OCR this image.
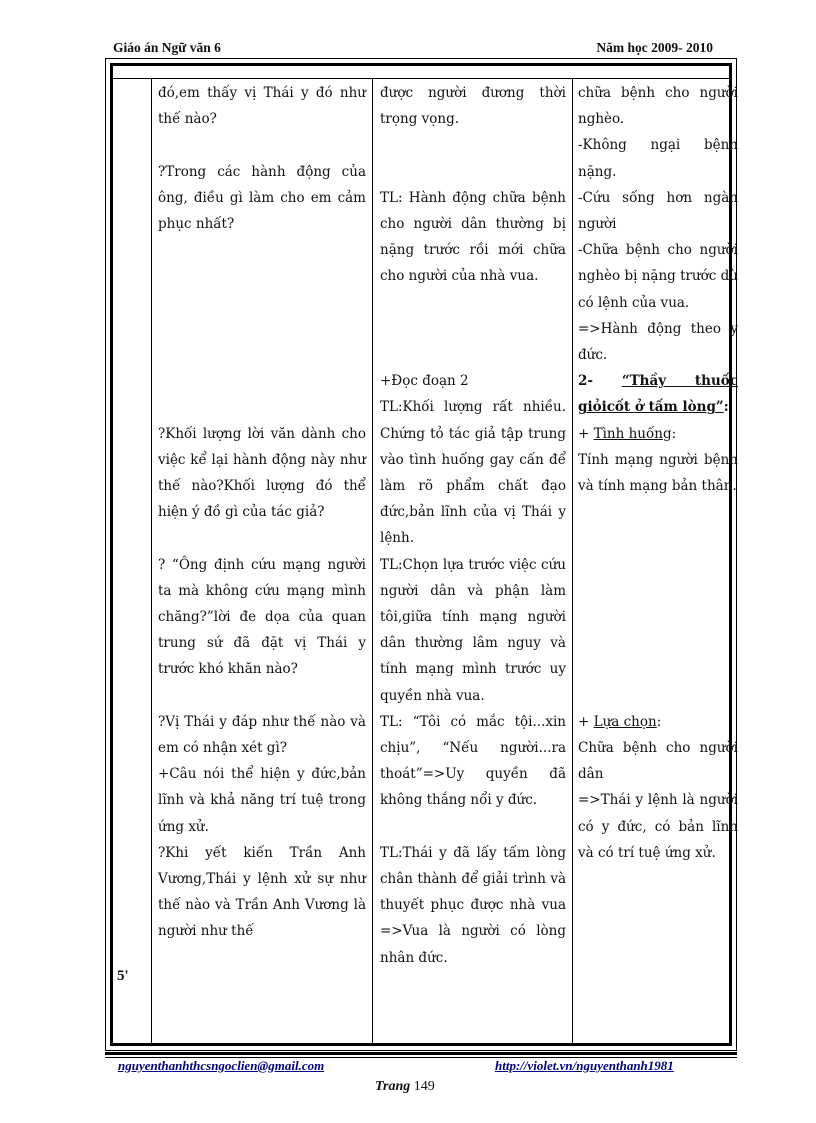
Giáo án Ngữ văn 6	Năm học 2009- 2010

đó,em thấy vị Thái y đó như thế nào?

?Trong các hành động của ông, điều gì làm cho em cảm phục nhất?

?Khối lượng lời văn dành cho việc kể lại hành động này như thế nào?Khối lượng đó thể hiện ý đồ gì của tác giả?

? “Ông định cứu mạng người ta mà không cứu mạng mình chăng?”lời đe dọa của quan trung sứ đã đặt vị Thái y trước khó khăn nào?

?Vị Thái y đáp như thế nào và em có nhận xét gì?

+Câu nói thể hiện y đức,bản lĩnh và khả năng trí tuệ trong ứng xử.

?Khi yết kiến Trần Anh Vương,Thái y lệnh xử sự như thế nào và Trần Anh Vương là người như thế

được người đương thời trọng vọng.

TL: Hành động chữa bệnh cho người dân thường bị nặng trước rồi mới chữa cho người của nhà vua.

+Đọc đoạn 2

TL:Khối lượng rất nhiều. Chứng tỏ tác giả tập trung vào tình huống gay cấn để làm rõ phẩm chất đạo đức,bản lĩnh của vị Thái y lệnh.

TL:Chọn lựa trước việc cứu người dân và phận làm tôi,giữa tính mạng người dân thường lâm nguy và tính mạng mình trước uy quyền nhà vua.

TL: “Tôi có mắc tội...xin chịu”, “Nếu người...ra thoát”=>Uy quyền đã không thắng nổi y đức.

TL:Thái y đã lấy tấm lòng chân thành để giải trình và thuyết phục được nhà vua =>Vua là người có lòng nhân đức.

chữa bệnh cho người nghèo.

-Không ngại bệnh nặng.

-Cứu sống hơn ngàn người

-Chữa bệnh cho người nghèo bị nặng trước dù có lệnh của vua.

=>Hành động theo y đức.

2- “Thầy thuốc giỏicốt ở tấm lòng”:

+ Tình huống:

Tính mạng người bệnh và tính mạng bản thân.

+ Lựa chọn:

Chữa bệnh cho người dân

=>Thái y lệnh là người có y đức, có bản lĩnh và có trí tuệ ứng xử.

5'
nguyenthanhthcsngoclien@gmail.com	http://violet.vn/nguyenthanh1981
Trang 149
